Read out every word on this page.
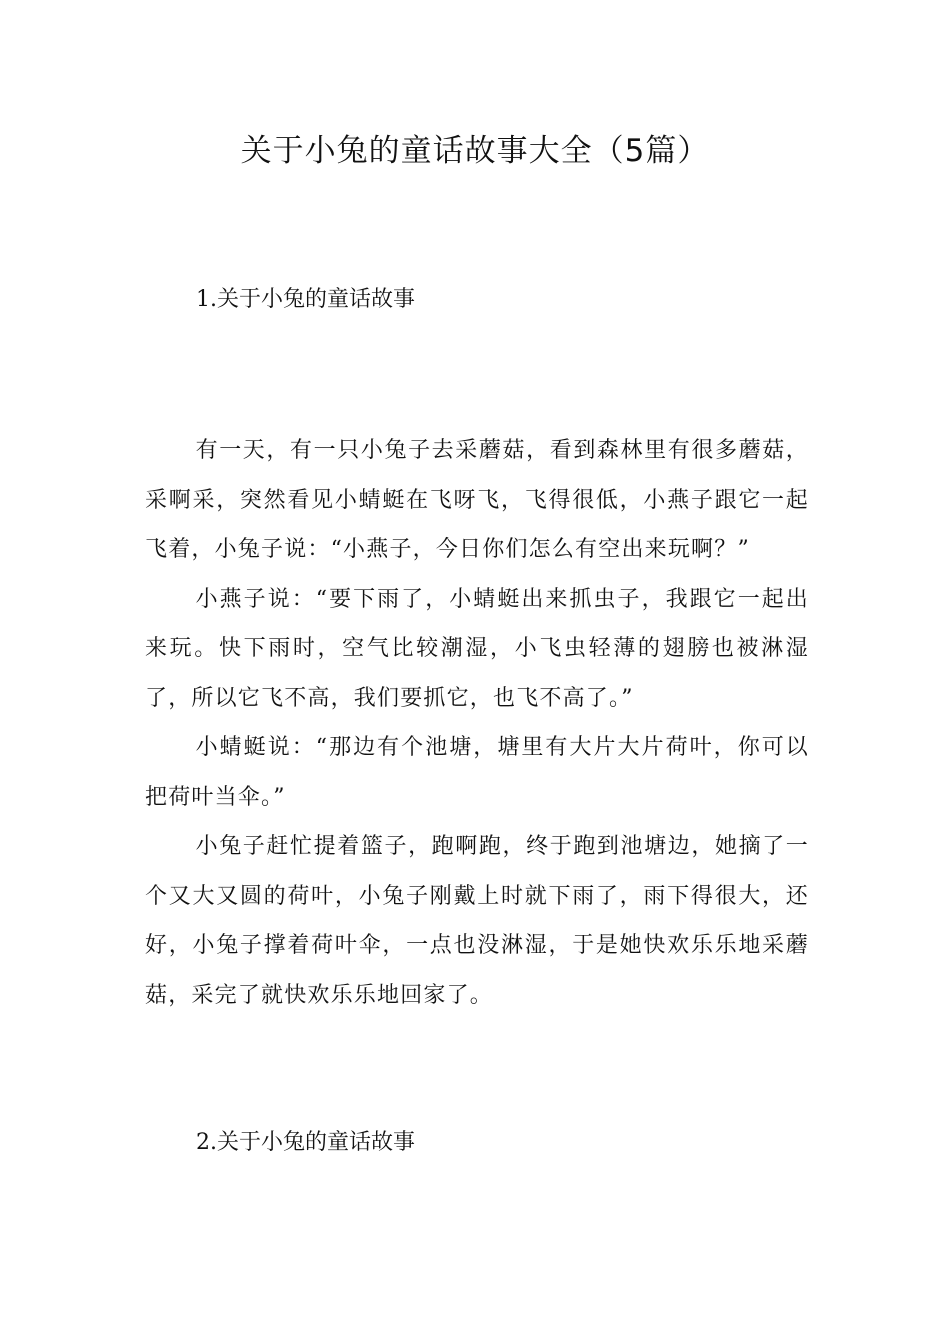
关于小兔的童话故事大全（5篇）
1.关于小兔的童话故事

有一天，有一只小兔子去采蘑菇，看到森林里有很多蘑菇，采啊采，突然看见小蜻蜓在飞呀飞，飞得很低，小燕子跟它一起飞着，小兔子说：“小燕子，今日你们怎么有空出来玩啊？”

小燕子说：“要下雨了，小蜻蜓出来抓虫子，我跟它一起出来玩。快下雨时，空气比较潮湿，小飞虫轻薄的翅膀也被淋湿了，所以它飞不高，我们要抓它，也飞不高了。”

小蜻蜓说：“那边有个池塘，塘里有大片大片荷叶，你可以把荷叶当伞。”

小兔子赶忙提着篮子，跑啊跑，终于跑到池塘边，她摘了一个又大又圆的荷叶，小兔子刚戴上时就下雨了，雨下得很大，还好，小兔子撑着荷叶伞，一点也没淋湿，于是她快欢乐乐地采蘑菇，采完了就快欢乐乐地回家了。

2.关于小兔的童话故事
